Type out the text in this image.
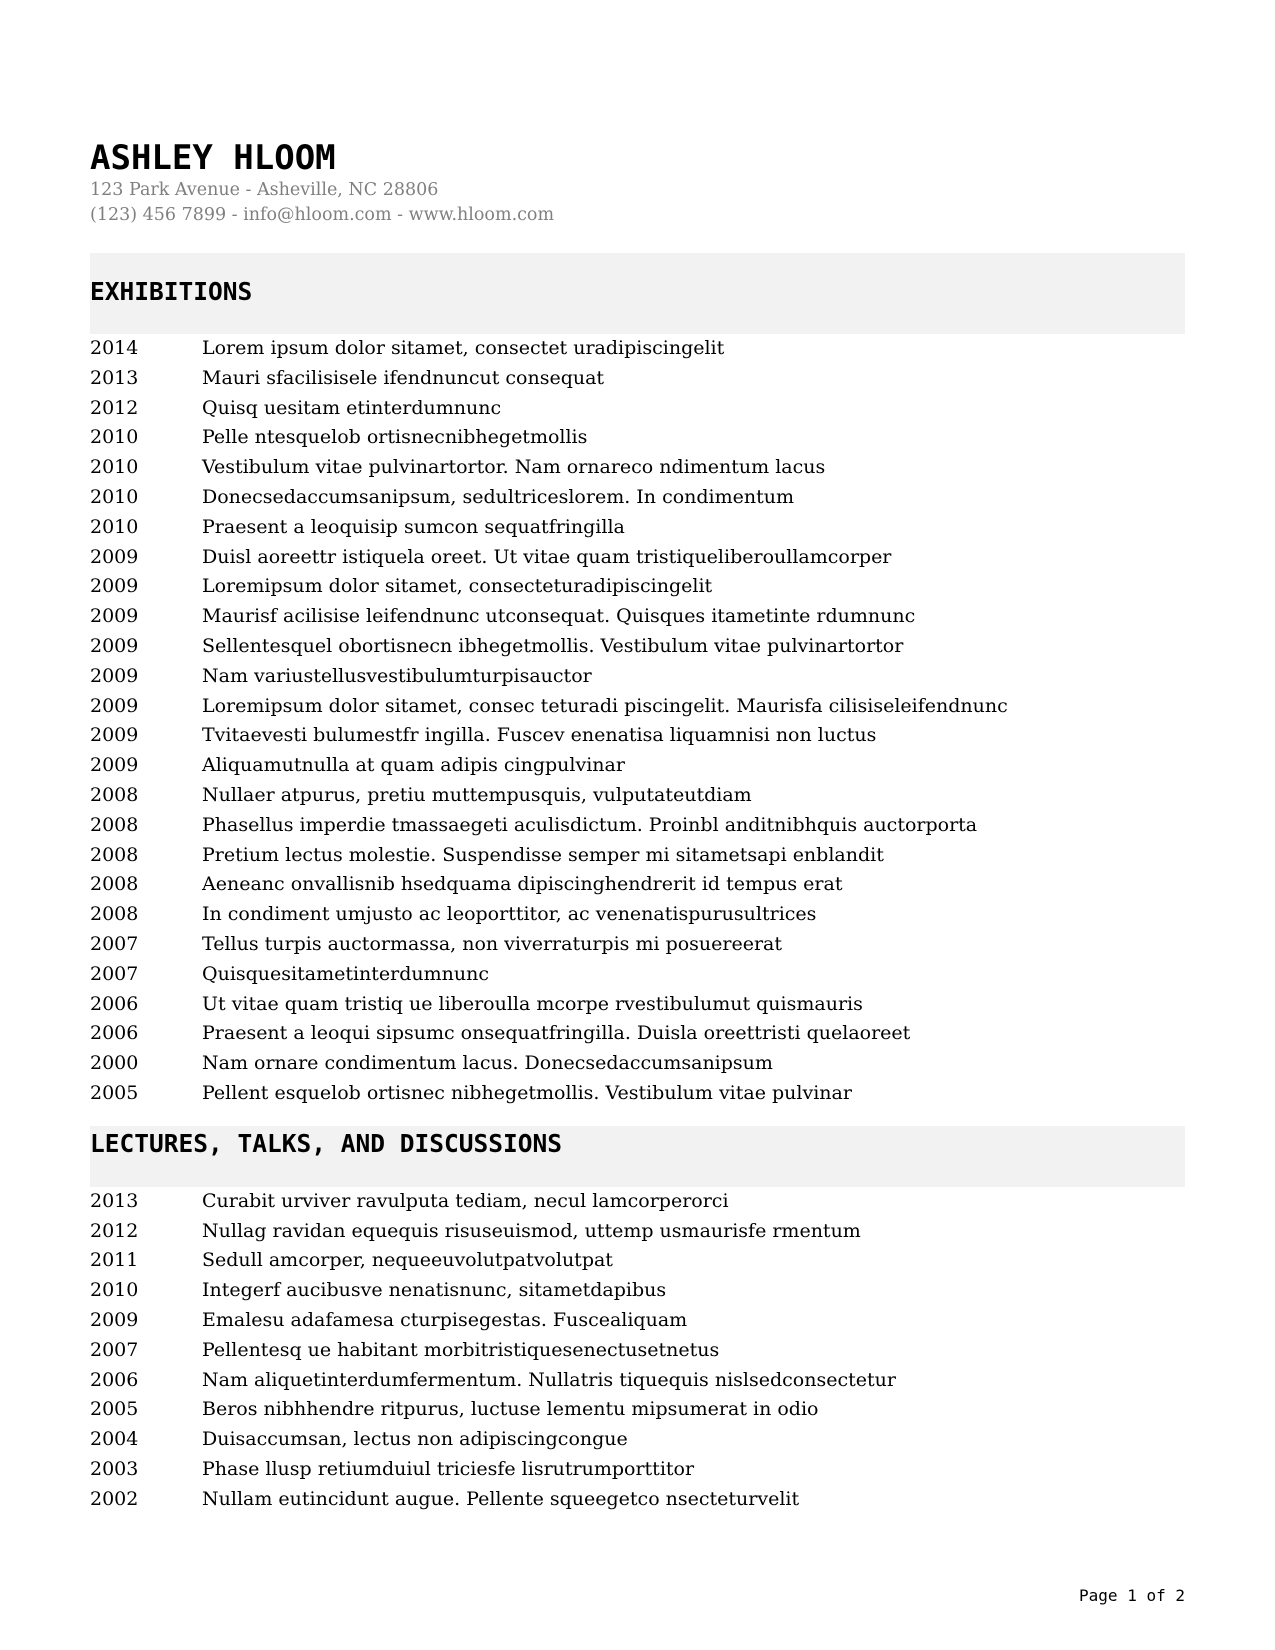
ASHLEY HLOOM
123 Park Avenue - Asheville, NC 28806
(123) 456 7899 - info@hloom.com - www.hloom.com
EXHIBITIONS
2014	Lorem ipsum dolor sitamet, consectet uradipiscingelit
2013	Mauri sfacilisisele ifendnuncut consequat
2012	Quisq uesitam etinterdumnunc
2010	Pelle ntesquelob ortisnecnibhegetmollis
2010	Vestibulum vitae pulvinartortor. Nam ornareco ndimentum lacus
2010	Donecsedaccumsanipsum, sedultriceslorem. In condimentum
2010	Praesent a leoquisip sumcon sequatfringilla
2009	Duisl aoreettr istiquela oreet. Ut vitae quam tristiqueliberoullamcorper
2009	Loremipsum dolor sitamet, consecteturadipiscingelit
2009	Maurisf acilisise leifendnunc utconsequat. Quisques itametinte rdumnunc
2009	Sellentesquel obortisnecn ibhegetmollis. Vestibulum vitae pulvinartortor
2009	Nam variustellusvestibulumturpisauctor
2009	Loremipsum dolor sitamet, consec teturadi piscingelit. Maurisfa cilisiseleifendnunc
2009	Tvitaevesti bulumestfr ingilla. Fuscev enenatisa liquamnisi non luctus
2009	Aliquamutnulla at quam adipis cingpulvinar
2008	Nullaer atpurus, pretiu muttempusquis, vulputateutdiam
2008	Phasellus imperdie tmassaegeti aculisdictum. Proinbl anditnibhquis auctorporta
2008	Pretium lectus molestie. Suspendisse semper mi sitametsapi enblandit
2008	Aeneanc onvallisnib hsedquama dipiscinghendrerit id tempus erat
2008	In condiment umjusto ac leoporttitor, ac venenatispurusultrices
2007	Tellus turpis auctormassa, non viverraturpis mi posuereerat
2007	Quisquesitametinterdumnunc
2006	Ut vitae quam tristiq ue liberoulla mcorpe rvestibulumut quismauris
2006	Praesent a leoqui sipsumc onsequatfringilla. Duisla oreettristi quelaoreet
2000	Nam ornare condimentum lacus. Donecsedaccumsanipsum
2005	Pellent esquelob ortisnec nibhegetmollis. Vestibulum vitae pulvinar
LECTURES, TALKS, AND DISCUSSIONS
2013	Curabit urviver ravulputa tediam, necul lamcorperorci
2012	Nullag ravidan equequis risuseuismod, uttemp usmaurisfe rmentum
2011	Sedull amcorper, nequeeuvolutpatvolutpat
2010	Integerf aucibusve nenatisnunc, sitametdapibus
2009	Emalesu adafamesa cturpisegestas. Fuscealiquam
2007	Pellentesq ue habitant morbitristiquesenectusetnetus
2006	Nam aliquetinterdumfermentum. Nullatris tiquequis nislsedconsectetur
2005	Beros nibhhendre ritpurus, luctuse lementu mipsumerat in odio
2004	Duisaccumsan, lectus non adipiscingcongue
2003	Phase llusp retiumduiul triciesfe lisrutrumporttitor
2002	Nullam eutincidunt augue. Pellente squeegetco nsecteturvelit
Page 1 of 2
